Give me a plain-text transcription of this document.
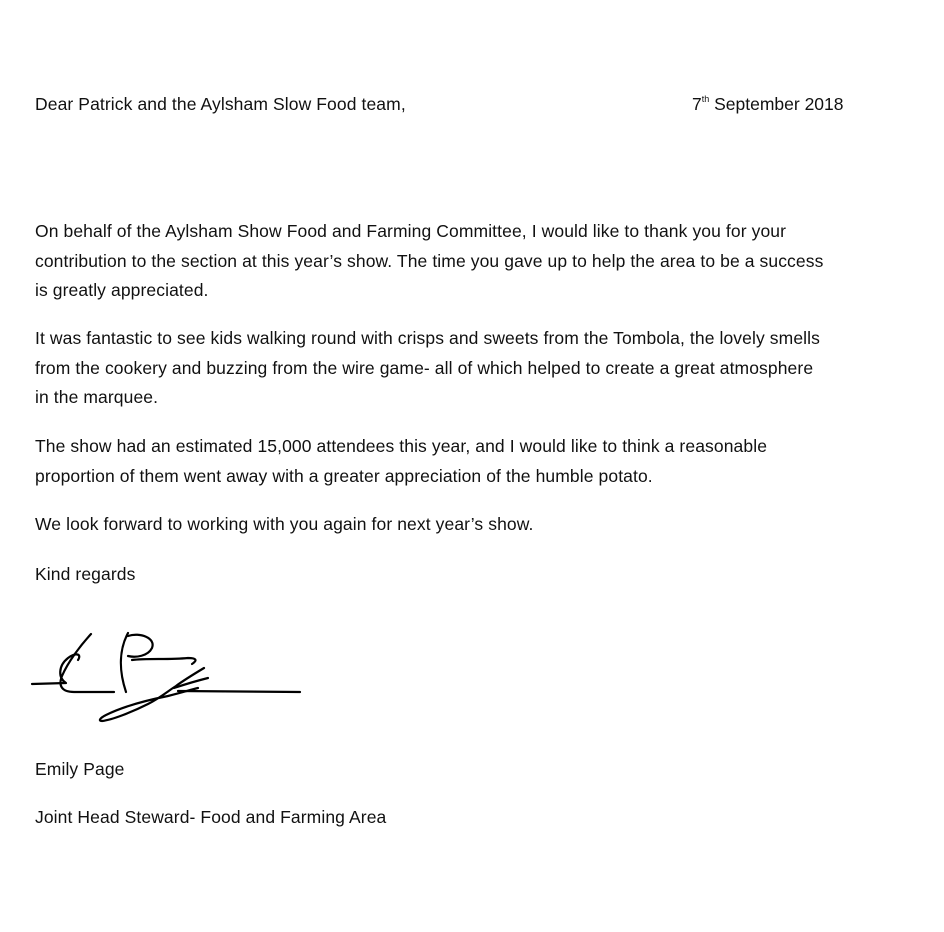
Dear Patrick and the Aylsham Slow Food team,	7th September 2018

On behalf of the Aylsham Show Food and Farming Committee, I would like to thank you for your
contribution to the section at this year’s show. The time you gave up to help the area to be a success
is greatly appreciated.
It was fantastic to see kids walking round with crisps and sweets from the Tombola, the lovely smells
from the cookery and buzzing from the wire game- all of which helped to create a great atmosphere
in the marquee.
The show had an estimated 15,000 attendees this year, and I would like to think a reasonable
proportion of them went away with a greater appreciation of the humble potato.
We look forward to working with you again for next year’s show.

Kind regards

Emily Page

Joint Head Steward- Food and Farming Area
